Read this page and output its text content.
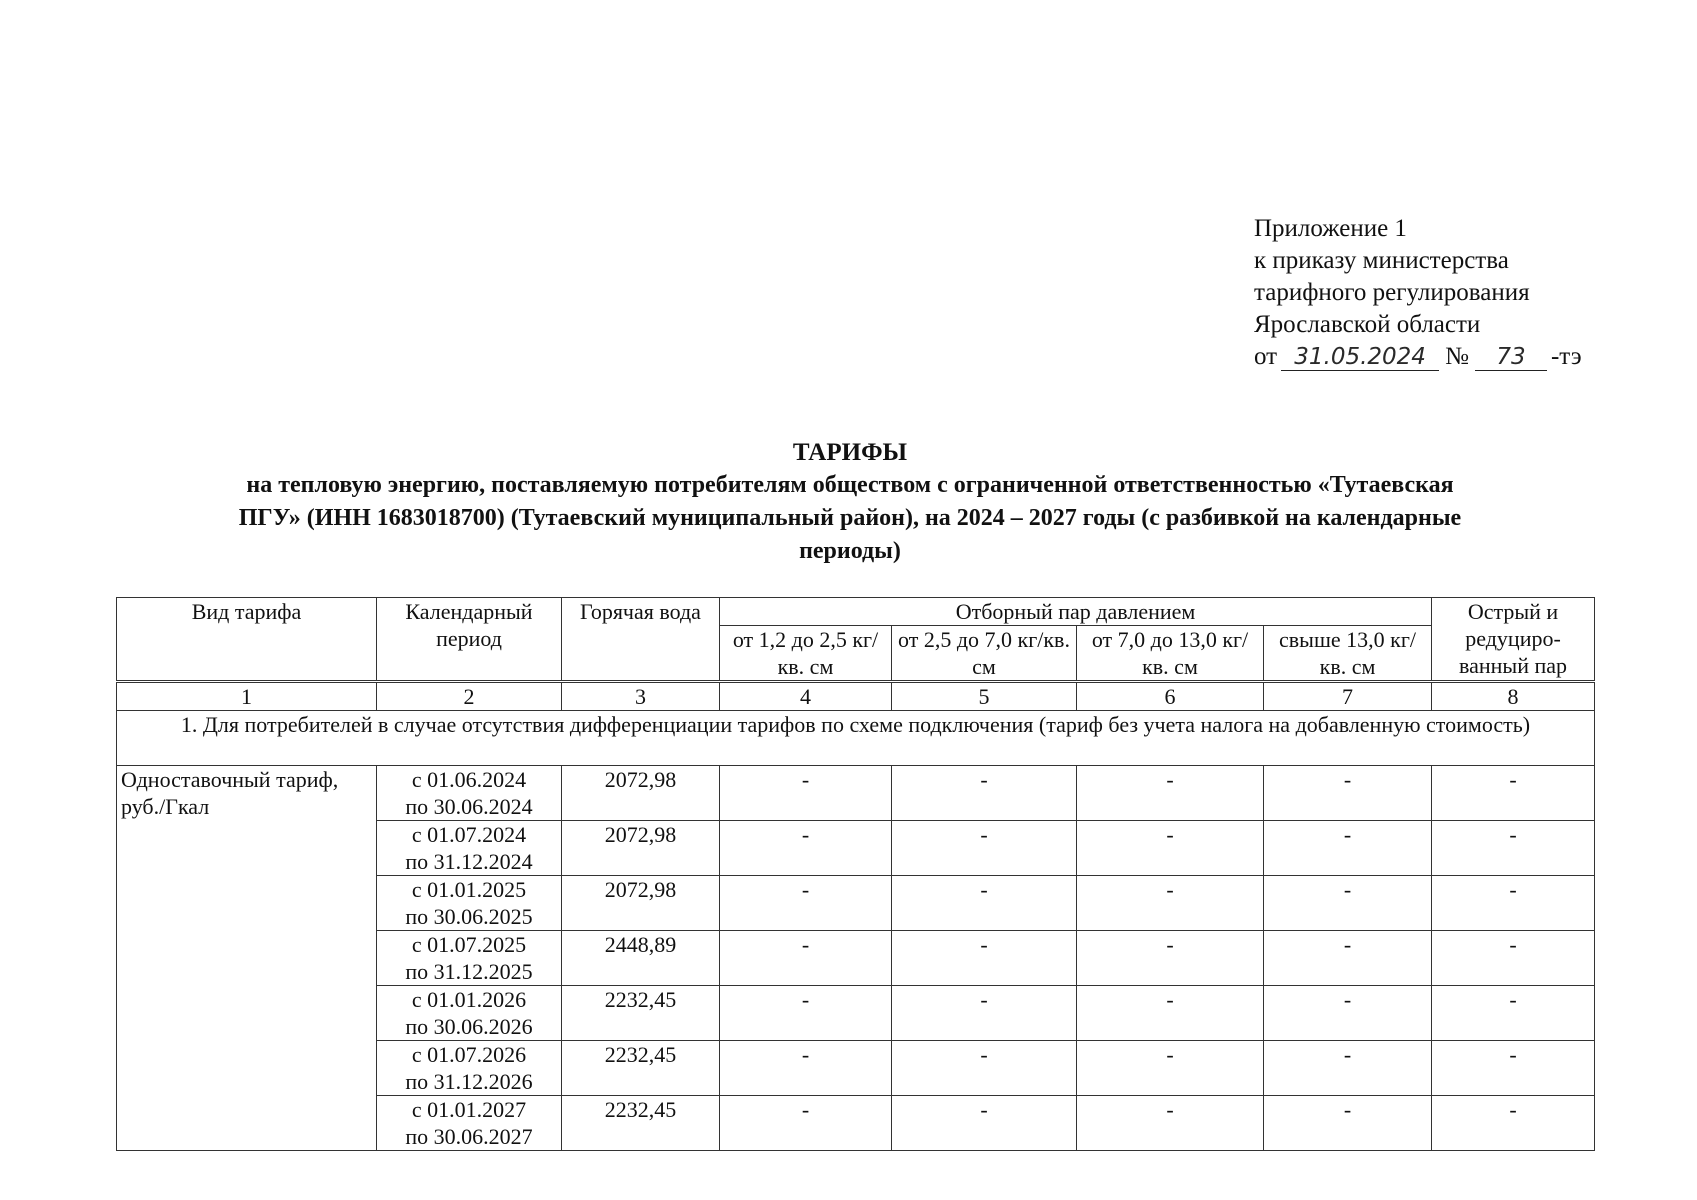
Приложение 1
к приказу министерства
тарифного регулирования
Ярославской области
от 31.05.2024 № 73 -тэ
ТАРИФЫ
на тепловую энергию, поставляемую потребителям обществом с ограниченной ответственностью «Тутаевская
ПГУ» (ИНН 1683018700) (Тутаевский муниципальный район), на 2024 – 2027 годы (с разбивкой на календарные
периоды)
Вид тарифа	Календарный период	Горячая вода	Отборный пар давлением				Острый и редуциро-ванный пар
			от 1,2 до 2,5 кг/кв. см	от 2,5 до 7,0 кг/кв. см	от 7,0 до 13,0 кг/кв. см	свыше 13,0 кг/кв. см	
1	2	3	4	5	6	7	8
1. Для потребителей в случае отсутствия дифференциации тарифов по схеме подключения (тариф без учета налога на добавленную стоимость)							
Одноставочный тариф, руб./Гкал	с 01.06.2024
по 30.06.2024	2072,98	-	-	-	-	-

	с 01.07.2024
по 31.12.2024	2072,98	-	-	-	-	-

	с 01.01.2025
по 30.06.2025	2072,98	-	-	-	-	-

	с 01.07.2025
по 31.12.2025	2448,89	-	-	-	-	-

	с 01.01.2026
по 30.06.2026	2232,45	-	-	-	-	-

	с 01.07.2026
по 31.12.2026	2232,45	-	-	-	-	-

	с 01.01.2027
по 30.06.2027	2232,45	-	-	-	-	-
